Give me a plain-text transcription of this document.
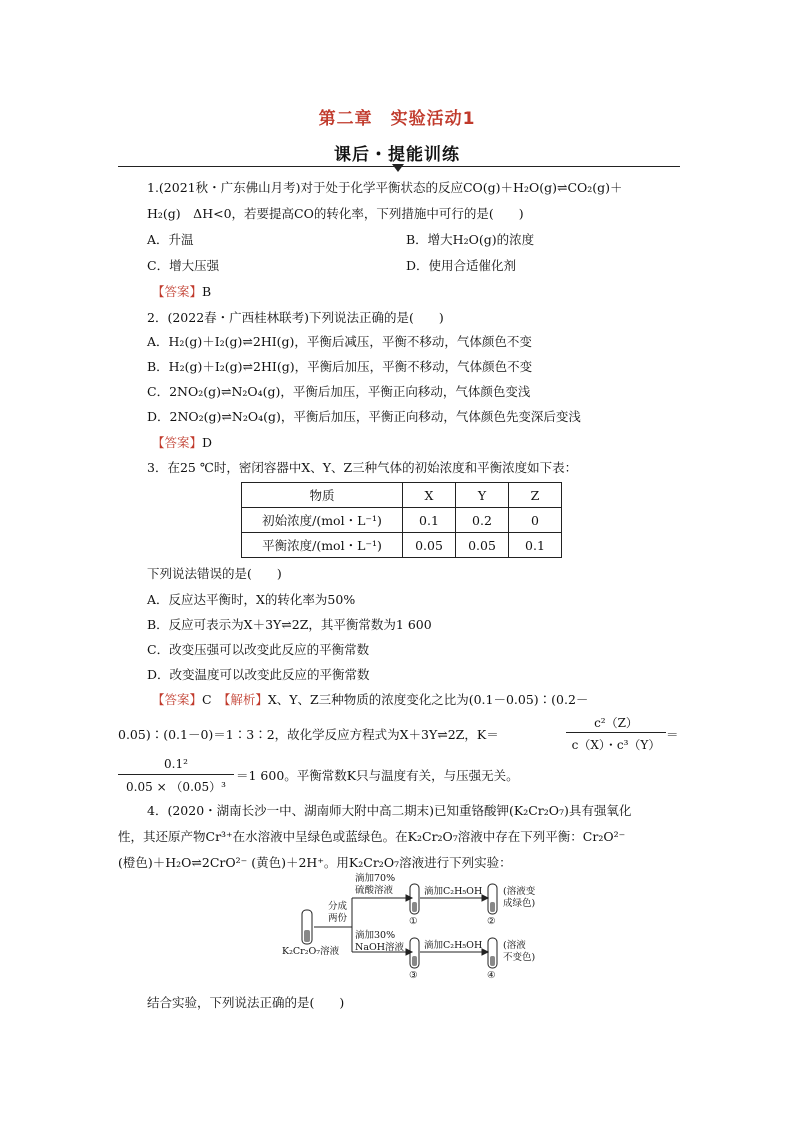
第二章　实验活动1
课后・提能训练
1.(2021秋・广东佛山月考)对于处于化学平衡状态的反应CO(g)＋H₂O(g)⇌CO₂(g)＋
H₂(g)　ΔH<0，若要提高CO的转化率，下列措施中可行的是(　　)
A．升温	B．增大H₂O(g)的浓度
C．增大压强	D．使用合适催化剂
【答案】B
2．(2022春・广西桂林联考)下列说法正确的是(　　)
A．H₂(g)＋I₂(g)⇌2HI(g)，平衡后减压，平衡不移动，气体颜色不变
B．H₂(g)＋I₂(g)⇌2HI(g)，平衡后加压，平衡不移动，气体颜色不变
C．2NO₂(g)⇌N₂O₄(g)，平衡后加压，平衡正向移动，气体颜色变浅
D．2NO₂(g)⇌N₂O₄(g)，平衡后加压，平衡正向移动，气体颜色先变深后变浅
【答案】D
3．在25 ℃时，密闭容器中X、Y、Z三种气体的初始浓度和平衡浓度如下表：
物质	X	Y	Z
初始浓度/(mol・L⁻¹)	0.1	0.2	0
平衡浓度/(mol・L⁻¹)	0.05	0.05	0.1
下列说法错误的是(　　)
A．反应达平衡时，X的转化率为50%
B．反应可表示为X＋3Y⇌2Z，其平衡常数为1 600
C．改变压强可以改变此反应的平衡常数
D．改变温度可以改变此反应的平衡常数
【答案】C　 【解析】X、Y、Z三种物质的浓度变化之比为(0.1－0.05)∶(0.2－
0.05)∶(0.1－0)＝1∶3∶2，故化学反应方程式为X＋3Y⇌2Z，K＝
c²（Z）
c（X）・c³（Y）
＝
0.1²
0.05 × （0.05）³
＝1 600。平衡常数K只与温度有关，与压强无关。
4．(2020・湖南长沙一中、湖南师大附中高二期末)已知重铬酸钾(K₂Cr₂O₇)具有强氧化
性，其还原产物Cr³⁺在水溶液中呈绿色或蓝绿色。在K₂Cr₂O₇溶液中存在下列平衡：Cr₂O²⁻
(橙色)＋H₂O⇌2CrO²⁻ (黄色)＋2H⁺。用K₂Cr₂O₇溶液进行下列实验：
K₂Cr₂O₇溶液
分成
两份
滴加70%
硫酸溶液
滴加30%
NaOH溶液
滴加C₂H₅OH
滴加C₂H₅OH
①	②
③	④
(溶液变
成绿色)
(溶液
不变色)
结合实验，下列说法正确的是(　　)
